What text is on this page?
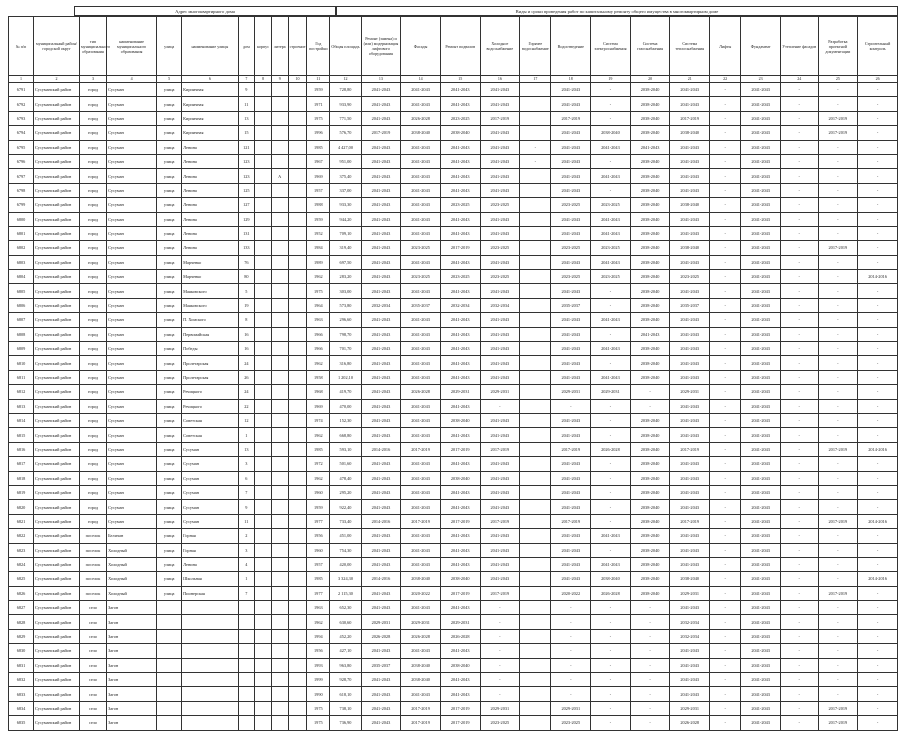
Адрес многоквартирного дома	Виды и сроки проведения работ по капитальному ремонту общего имущества в многоквартирном доме
№ п/п	муниципальный район/городской округ	тип муниципального образования	наименование муниципального образования	улица	наименование улицы	дом	корпус	литера	строение	Год постройки	Общая площадь	Ремонт (замена) и (или) модернизация лифтового оборудования	Фасады	Ремонт подвалов	Холодное водоснабжение	Горячее водоснабжение	Водоотведение	Система электроснабжения	Система газоснабжения	Система теплоснабжения	Лифты	Фундамент	Утепление фасадов	Разработка проектной документации	Строительный контроль
1	2	3	4	5	6	7	8	9	10	11	12	13	14	15	16	17	18	19	20	21	22	23	24	25	26
6791	Сусуманский район	город	Сусуман	улица	Кирпичная	9				1959	728,80	2041-2043	2041-2043	2041-2043	2041-2043		2041-2043	-	2038-2040	2041-2043	-	2041-2043	-	-	-
6792	Сусуманский район	город	Сусуман	улица	Кирпичная	11				1971	933,90	2041-2043	2041-2043	2041-2043	2041-2043		2041-2043	-	2038-2040	2041-2043	-	2041-2043	-	-	-
6793	Сусуманский район	город	Сусуман	улица	Кирпичная	13				1975	771,50	2041-2043	2026-2028	2023-2025	2017-2019		2017-2019	-	2038-2040	2017-2019	-	2041-2043	-	2017-2019	-
6794	Сусуманский район	город	Сусуман	улица	Кирпичная	15				1996	576,70	2017-2019	2038-2040	2038-2040	2041-2043		2041-2043	2038-2040	2038-2040	2038-2040	-	2041-2043	-	2017-2019	-
6795	Сусуманский район	город	Сусуман	улица	Ленина	121				1985	4 427,00	2041-2043	2041-2043	2041-2043	2041-2043	-	2041-2043	2041-2043	2041-2043	2041-2043	-	2041-2043	-	-	-
6796	Сусуманский район	город	Сусуман	улица	Ленина	123				1967	951,00	2041-2043	2041-2043	2041-2043	2041-2043	-	2041-2043	-	2038-2040	2041-2043	-	2041-2043	-	-	-
6797	Сусуманский район	город	Сусуман	улица	Ленина	123		А		1969	375,40	2041-2043	2041-2043	2041-2043	2041-2043		2041-2043	2041-2043	2038-2040	2041-2043	-	2041-2043	-	-	-
6798	Сусуманский район	город	Сусуман	улица	Ленина	125				1957	337,00	2041-2043	2041-2043	2041-2043	2041-2043		2041-2043	-	2038-2040	2041-2043	-	2041-2043	-	-	-
6799	Сусуманский район	город	Сусуман	улица	Ленина	127				1988	933,30	2041-2043	2041-2043	2023-2025	2023-2025		2023-2025	2023-2025	2038-2040	2038-2040	-	2041-2043	-	-	-
6800	Сусуманский район	город	Сусуман	улица	Ленина	129				1959	944,20	2041-2043	2041-2043	2041-2043	2041-2043		2041-2043	2041-2043	2038-2040	2041-2043	-	2041-2043	-	-	-
6801	Сусуманский район	город	Сусуман	улица	Ленина	131				1952	709,10	2041-2043	2041-2043	2041-2043	2041-2043		2041-2043	2041-2043	2038-2040	2041-2043	-	2041-2043	-	-	-
6802	Сусуманский район	город	Сусуман	улица	Ленина	133				1984	319,40	2041-2043	2023-2025	2017-2019	2023-2025		2023-2025	2023-2025	2038-2040	2038-2040	-	2041-2043	-	2017-2019	-
6803	Сусуманский район	город	Сусуман	улица	Марченко	76				1989	697,50	2041-2043	2041-2043	2041-2043	2041-2043		2041-2043	2041-2043	2038-2040	2041-2043	-	2041-2043	-	-	-
6804	Сусуманский район	город	Сусуман	улица	Марченко	80				1962	283,20	2041-2043	2023-2025	2023-2025	2023-2025		2023-2025	2023-2025	2038-2040	2023-2025	-	2041-2043	-	-	2014-2016
6805	Сусуманский район	город	Сусуман	улица	Маяковского	5				1975	303,00	2041-2043	2041-2043	2041-2043	2041-2043		2041-2043	-	2038-2040	2041-2043	-	2041-2043	-	-	-
6806	Сусуманский район	город	Сусуман	улица	Маяковского	19				1964	573,80	2032-2034	2035-2037	2032-2034	2032-2034		2035-2037	-	2038-2040	2035-2037	-	2041-2043	-	-	-
6807	Сусуманский район	город	Сусуман	улица	П. Хомского	8				1963	296,60	2041-2043	2041-2043	2041-2043	2041-2043		2041-2043	2041-2043	2038-2040	2041-2043	-	2041-2043	-	-	-
6808	Сусуманский район	город	Сусуман	улица	Первомайская	16				1966	798,70	2041-2043	2041-2043	2041-2043	2041-2043		2041-2043	-	2041-2043	2041-2043	-	2041-2043	-	-	-
6809	Сусуманский район	город	Сусуман	улица	Победы	16				1966	701,70	2041-2043	2041-2043	2041-2043	2041-2043		2041-2043	2041-2043	2038-2040	2041-2043	-	2041-2043	-	-	-
6810	Сусуманский район	город	Сусуман	улица	Пролетарская	24				1962	316,80	2041-2043	2041-2043	2041-2043	2041-2043		2041-2043	-	2038-2040	2041-2043	-	2041-2043	-	-	-
6811	Сусуманский район	город	Сусуман	улица	Пролетарская	26				1958	1 202,10	2041-2043	2041-2043	2041-2043	2041-2043		2041-2043	2041-2043	2038-2040	2041-2043	-	2041-2043	-	-	-
6812	Сусуманский район	город	Сусуман	улица	Речицкого	24				1968	419,70	2041-2043	2026-2028	2029-2031	2029-2031		2029-2031	2029-2031	-	2029-2031	-	2041-2043	-	-	-
6813	Сусуманский район	город	Сусуман	улица	Речицкого	22				1969	470,00	2041-2043	2041-2043	2041-2043	-		-	-	-	2041-2043	-	2041-2043	-	-	-
6814	Сусуманский район	город	Сусуман	улица	Советская	12				1974	152,30	2041-2043	2041-2043	2038-2040	2041-2043		2041-2043	-	2038-2040	2041-2043	-	2041-2043	-	-	-
6815	Сусуманский район	город	Сусуман	улица	Советская	1				1962	668,80	2041-2043	2041-2043	2041-2043	2041-2043		2041-2043	-	2038-2040	2041-2043	-	2041-2043	-	-	-
6816	Сусуманский район	город	Сусуман	улица	Сусуман	13				1985	593,10	2014-2016	2017-2019	2017-2019	2017-2019		2017-2019	2026-2028	2038-2040	2017-2019	-	2041-2043	-	2017-2019	2014-2016
6817	Сусуманский район	город	Сусуман	улица	Сусуман	3				1972	501,60	2041-2043	2041-2043	2041-2043	2041-2043		2041-2043	-	2038-2040	2041-2043	-	2041-2043	-	-	-
6818	Сусуманский район	город	Сусуман	улица	Сусуман	6				1962	478,40	2041-2043	2041-2043	2038-2040	2041-2043		2041-2043	-	2038-2040	2041-2043	-	2041-2043	-	-	-
6819	Сусуманский район	город	Сусуман	улица	Сусуман	7				1960	295,20	2041-2043	2041-2043	2041-2043	2041-2043		2041-2043	-	2038-2040	2041-2043	-	2041-2043	-	-	-
6820	Сусуманский район	город	Сусуман	улица	Сусуман	9				1959	922,40	2041-2043	2041-2043	2041-2043	2041-2043		2041-2043	-	2038-2040	2041-2043	-	2041-2043	-	-	-
6821	Сусуманский район	город	Сусуман	улица	Сусуман	11				1977	733,40	2014-2016	2017-2019	2017-2019	2017-2019		2017-2019	-	2038-2040	2017-2019	-	2041-2043	-	2017-2019	2014-2016
6822	Сусуманский район	поселок	Беличан	улица	Горная	2				1956	451,00	2041-2043	2041-2043	2041-2043	2041-2043		2041-2043	2041-2043	2038-2040	2041-2043	-	2041-2043	-	-	-
6823	Сусуманский район	поселок	Холодный	улица	Горная	3				1960	754,30	2041-2043	2041-2043	2041-2043	2041-2043		2041-2043	-	2038-2040	2041-2043	-	2041-2043	-	-	-
6824	Сусуманский район	поселок	Холодный	улица	Ленина	4				1957	420,00	2041-2043	2041-2043	2041-2043	2041-2043		2041-2043	2041-2043	2038-2040	2041-2043	-	2041-2043	-	-	-
6825	Сусуманский район	поселок	Холодный	улица	Школьная	1				1985	3 324,30	2014-2016	2038-2040	2038-2040	2041-2043		2041-2043	2038-2040	2038-2040	2038-2040	-	2041-2043	-	-	2014-2016
6826	Сусуманский район	поселок	Холодный	улица	Пионерская	7				1977	2 115,30	2041-2043	2020-2022	2017-2019	2017-2019		2020-2022	2026-2028	2038-2040	2029-2031	-	2041-2043	-	2017-2019	-
6827	Сусуманский район	село	Загон							1963	652,30	2041-2043	2041-2043	2041-2043	-		-	-	-	2041-2043	-	2041-2043	-	-	-
6828	Сусуманский район	село	Загон							1962	630,60	2029-2031	2029-2031	2029-2031	-		-	-	-	2032-2034	-	2041-2043	-	-	-
6829	Сусуманский район	село	Загон							1994	452,20	2026-2028	2026-2028	2026-2028	-		-	-	-	2032-2034	-	2041-2043	-	-	-
6830	Сусуманский район	село	Загон							1956	427,10	2041-2043	2041-2043	2041-2043	-		-	-	-	2041-2043	-	2041-2043	-	-	-
6831	Сусуманский район	село	Загон							1993	963,80	2035-2037	2038-2040	2038-2040	-		-	-	-	2041-2043	-	2041-2043	-	-	-
6832	Сусуманский район	село	Загон							1999	928,70	2041-2043	2038-2040	2041-2043	-		-	-	-	2041-2043	-	2041-2043	-	-	-
6833	Сусуманский район	село	Загон							1990	618,10	2041-2043	2041-2043	2041-2043	-		-	-	-	2041-2043	-	2041-2043	-	-	-
6834	Сусуманский район	село	Загон							1975	738,10	2041-2043	2017-2019	2017-2019	2029-2031		2029-2031	-	-	2029-2031	-	2041-2043	-	2017-2019	-
6835	Сусуманский район	село	Загон							1975	736,90	2041-2043	2017-2019	2017-2019	2023-2025		2023-2025	-	-	2026-2028	-	2041-2043	-	2017-2019	-
